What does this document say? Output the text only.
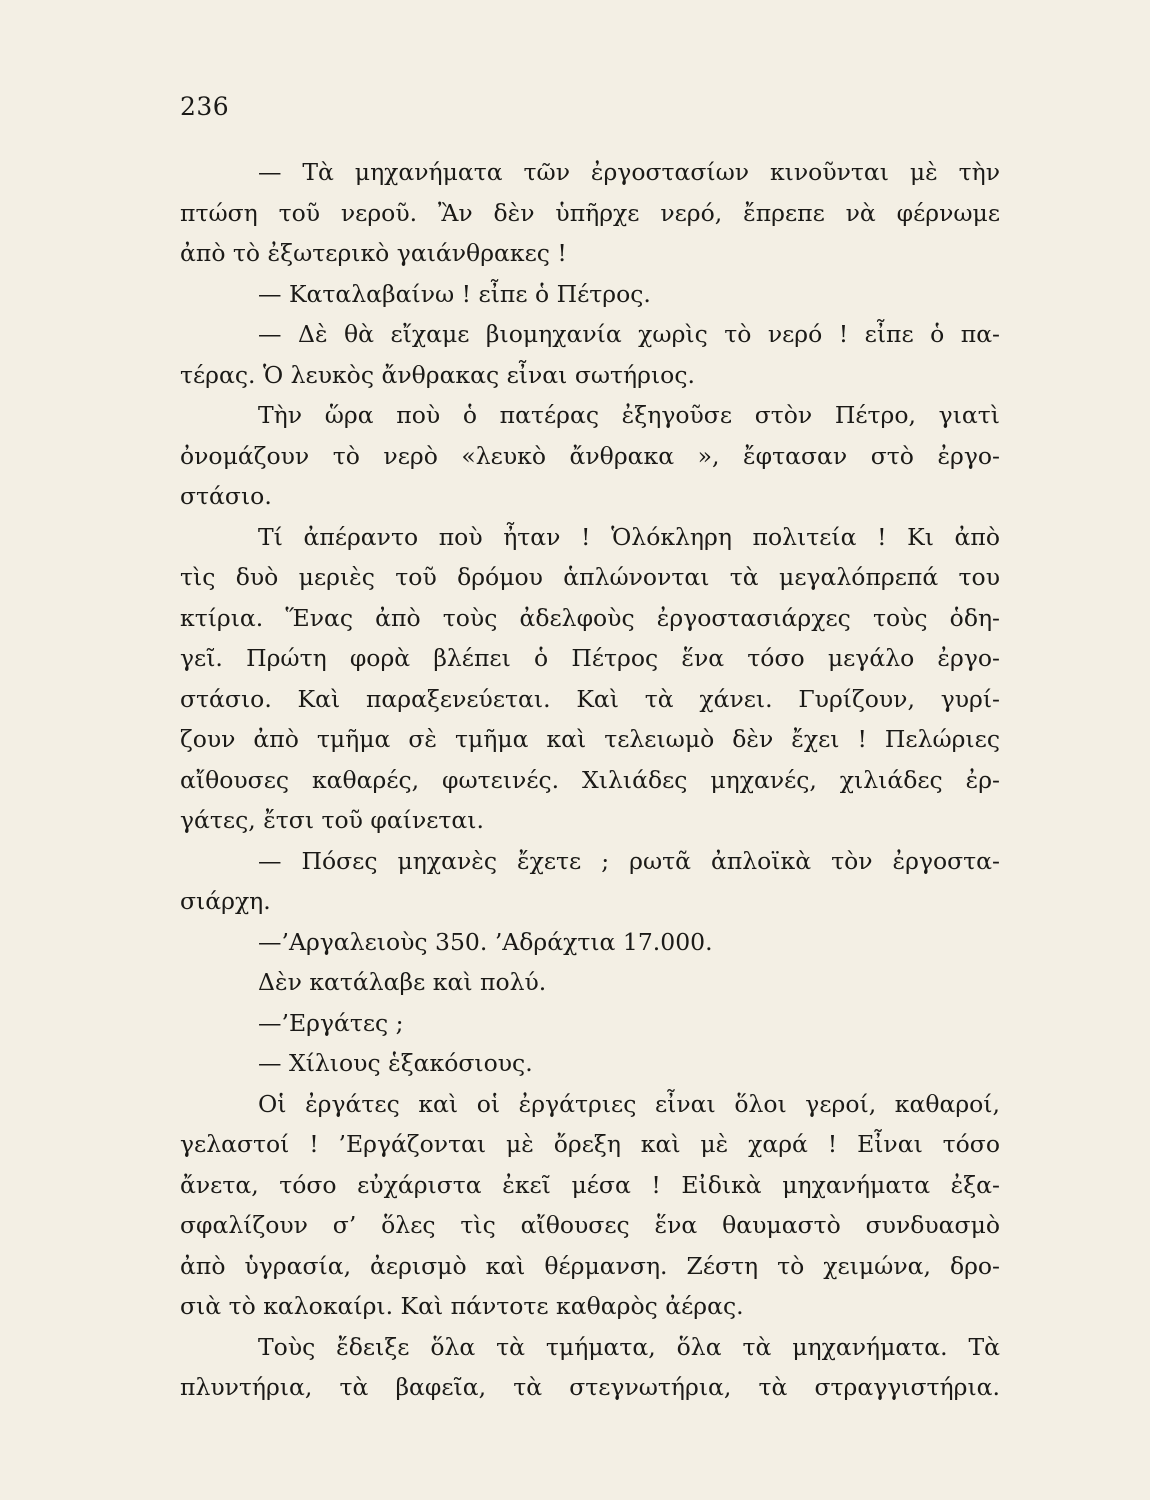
236
— Τὰ μηχανήματα τῶν ἐργοστασίων κινοῦνται μὲ τὴν
πτώση τοῦ νεροῦ. Ἂν δὲν ὑπῆρχε νερό, ἔπρεπε νὰ φέρνωμε
ἀπὸ τὸ ἐξωτερικὸ γαιάνθρακες !
— Καταλαβαίνω ! εἶπε ὁ Πέτρος.
— Δὲ θὰ εἴχαμε βιομηχανία χωρὶς τὸ νερό ! εἶπε ὁ πα-
τέρας. Ὁ λευκὸς ἄνθρακας εἶναι σωτήριος.
Τὴν ὥρα ποὺ ὁ πατέρας ἐξηγοῦσε στὸν Πέτρο, γιατὶ
ὀνομάζουν τὸ νερὸ «λευκὸ ἄνθρακα », ἔφτασαν στὸ ἐργο-
στάσιο.
Τί ἀπέραντο ποὺ ἦταν ! Ὁλόκληρη πολιτεία ! Κι ἀπὸ
τὶς δυὸ μεριὲς τοῦ δρόμου ἁπλώνονται τὰ μεγαλόπρεπά του
κτίρια. Ἕνας ἀπὸ τοὺς ἀδελφοὺς ἐργοστασιάρχες τοὺς ὁδη-
γεῖ. Πρώτη φορὰ βλέπει ὁ Πέτρος ἕνα τόσο μεγάλο ἐργο-
στάσιο. Καὶ παραξενεύεται. Καὶ τὰ χάνει. Γυρίζουν, γυρί-
ζουν ἀπὸ τμῆμα σὲ τμῆμα καὶ τελειωμὸ δὲν ἔχει ! Πελώριες
αἴθουσες καθαρές, φωτεινές. Χιλιάδες μηχανές, χιλιάδες ἐρ-
γάτες, ἔτσι τοῦ φαίνεται.
— Πόσες μηχανὲς ἔχετε ; ρωτᾶ ἀπλοϊκὰ τὸν ἐργοστα-
σιάρχη.
—’Αργαλειοὺς 350. ’Αδράχτια 17.000.
Δὲν κατάλαβε καὶ πολύ.
—’Εργάτες ;
— Χίλιους ἑξακόσιους.
Οἱ ἐργάτες καὶ οἱ ἐργάτριες εἶναι ὅλοι γεροί, καθαροί,
γελαστοί ! ’Εργάζονται μὲ ὄρεξη καὶ μὲ χαρά ! Εἶναι τόσο
ἄνετα, τόσο εὐχάριστα ἐκεῖ μέσα ! Εἰδικὰ μηχανήματα ἐξα-
σφαλίζουν σ’ ὅλες τὶς αἴθουσες ἕνα θαυμαστὸ συνδυασμὸ
ἀπὸ ὑγρασία, ἀερισμὸ καὶ θέρμανση. Ζέστη τὸ χειμώνα, δρο-
σιὰ τὸ καλοκαίρι. Καὶ πάντοτε καθαρὸς ἀέρας.
Τοὺς ἔδειξε ὅλα τὰ τμήματα, ὅλα τὰ μηχανήματα. Τὰ
πλυντήρια, τὰ βαφεῖα, τὰ στεγνωτήρια, τὰ στραγγιστήρια.
